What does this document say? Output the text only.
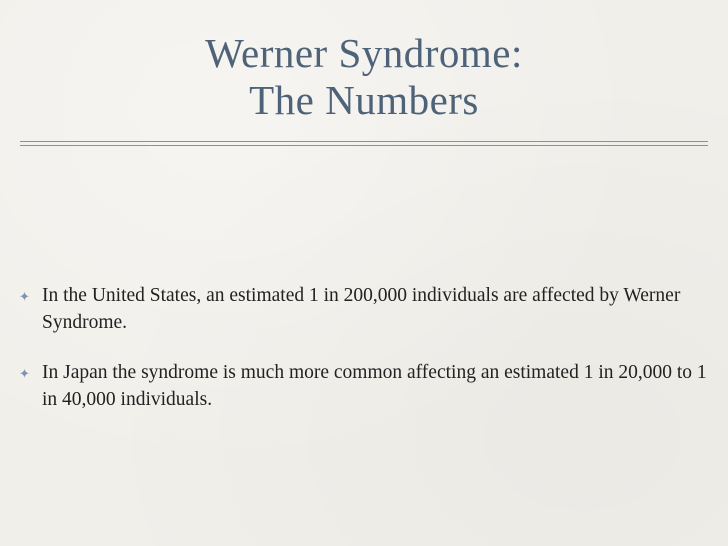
Werner Syndrome:
The Numbers
✦ In the United States, an estimated 1 in 200,000 individuals are affected by Werner Syndrome.
✦ In Japan the syndrome is much more common affecting an estimated 1 in 20,000 to 1 in 40,000 individuals.
